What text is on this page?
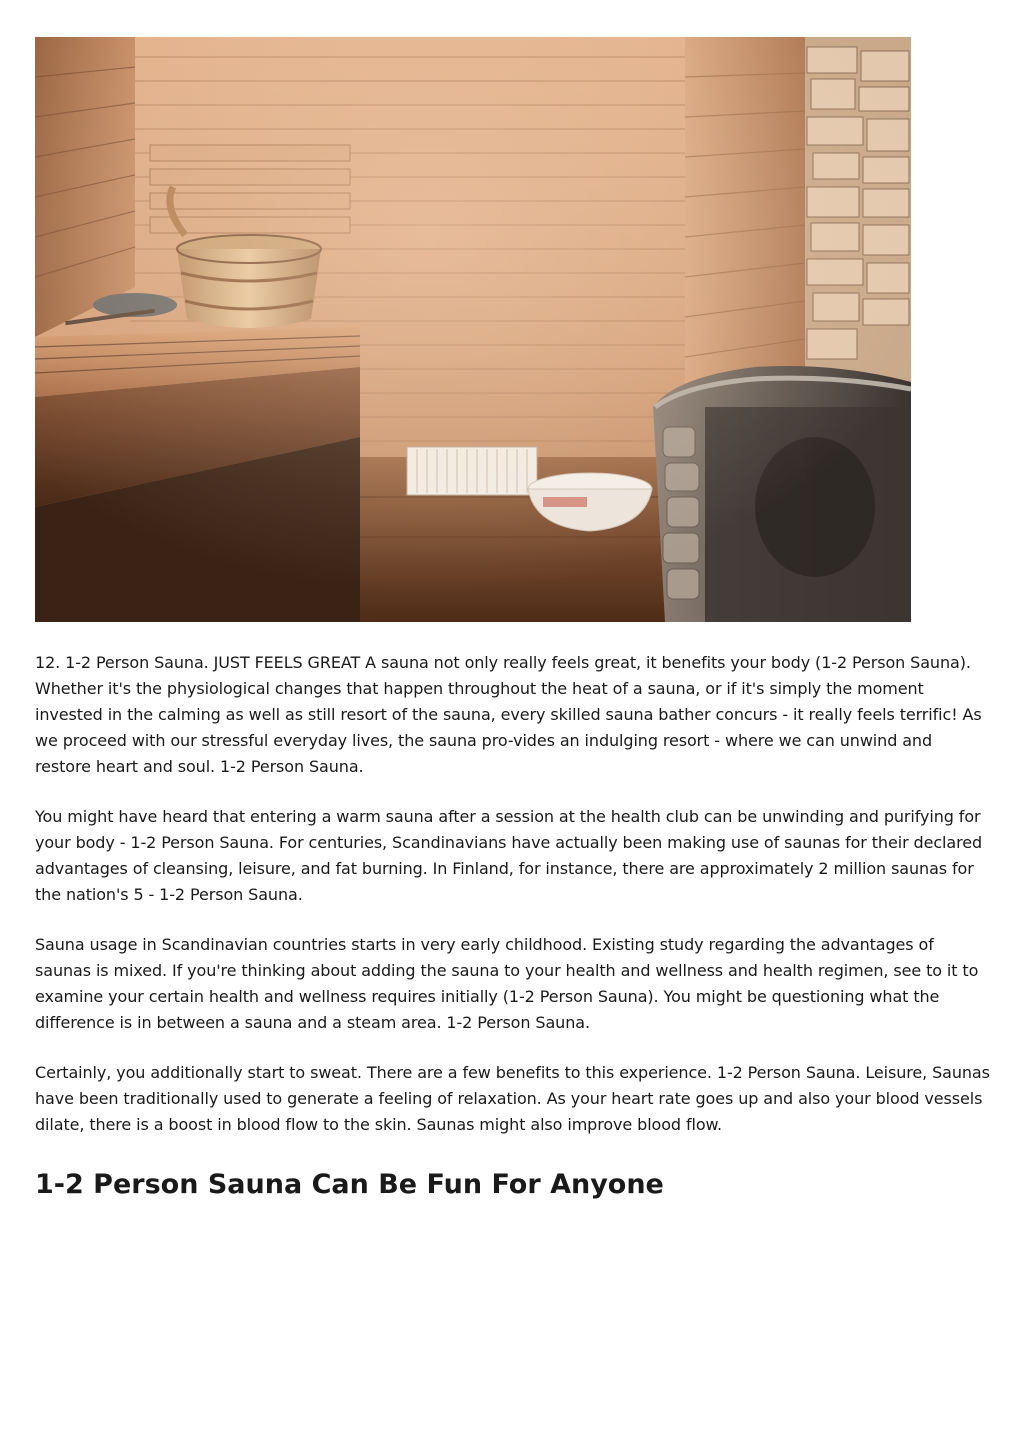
12. 1-2 Person Sauna. JUST FEELS GREAT A sauna not only really feels great, it benefits your body (1-2 Person Sauna). Whether it's the physiological changes that happen throughout the heat of a sauna, or if it's simply the moment invested in the calming as well as still resort of the sauna, every skilled sauna bather concurs - it really feels terrific! As we proceed with our stressful everyday lives, the sauna pro-vides an indulging resort - where we can unwind and restore heart and soul. 1-2 Person Sauna.

You might have heard that entering a warm sauna after a session at the health club can be unwinding and purifying for your body - 1-2 Person Sauna. For centuries, Scandinavians have actually been making use of saunas for their declared advantages of cleansing, leisure, and fat burning. In Finland, for instance, there are approximately 2 million saunas for the nation's 5 - 1-2 Person Sauna.

Sauna usage in Scandinavian countries starts in very early childhood. Existing study regarding the advantages of saunas is mixed. If you're thinking about adding the sauna to your health and wellness and health regimen, see to it to examine your certain health and wellness requires initially (1-2 Person Sauna). You might be questioning what the difference is in between a sauna and a steam area. 1-2 Person Sauna.

Certainly, you additionally start to sweat. There are a few benefits to this experience. 1-2 Person Sauna. Leisure, Saunas have been traditionally used to generate a feeling of relaxation. As your heart rate goes up and also your blood vessels dilate, there is a boost in blood flow to the skin. Saunas might also improve blood flow.

1-2 Person Sauna Can Be Fun For Anyone
